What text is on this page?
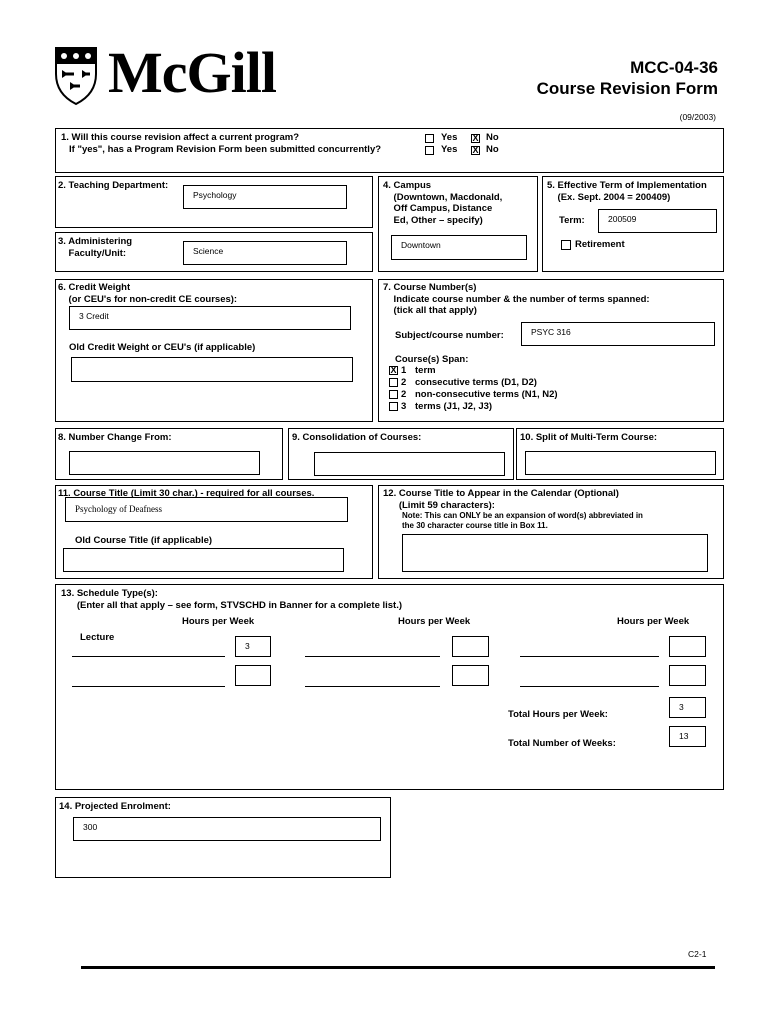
McGill	MCC-04-36
Course Revision Form
(09/2003)
1. Will this course revision affect a current program?
If "yes", has a Program Revision Form been submitted concurrently?
Yes X No
Yes X No
2. Teaching Department:
Psychology
3. Administering
Faculty/Unit:	Science
4. Campus
(Downtown, Macdonald,
Off Campus, Distance
Ed, Other – specify)
Downtown
5. Effective Term of Implementation
(Ex. Sept. 2004 = 200409)
Term:	200509
Retirement
6. Credit Weight
(or CEU's for non-credit CE courses):
3 Credit
Old Credit Weight or CEU's (if applicable)
7. Course Number(s)
Indicate course number & the number of terms spanned:
(tick all that apply)
Subject/course number:	PSYC 316
Course(s) Span:
X 1 term
2 consecutive terms (D1, D2)
2 non-consecutive terms (N1, N2)
3 terms (J1, J2, J3)
8. Number Change From:	9. Consolidation of Courses:	10. Split of Multi-Term Course:
11. Course Title (Limit 30 char.) - required for all courses.
Psychology of Deafness
Old Course Title (if applicable)
12. Course Title to Appear in the Calendar (Optional)
(Limit 59 characters):
Note: This can ONLY be an expansion of word(s) abbreviated in
the 30 character course title in Box 11.
13. Schedule Type(s):
(Enter all that apply – see form, STVSCHD in Banner for a complete list.)
Hours per Week	Hours per Week	Hours per Week
Lecture
3
Total Hours per Week:
3
Total Number of Weeks:
13
14. Projected Enrolment:
300
C2-1
